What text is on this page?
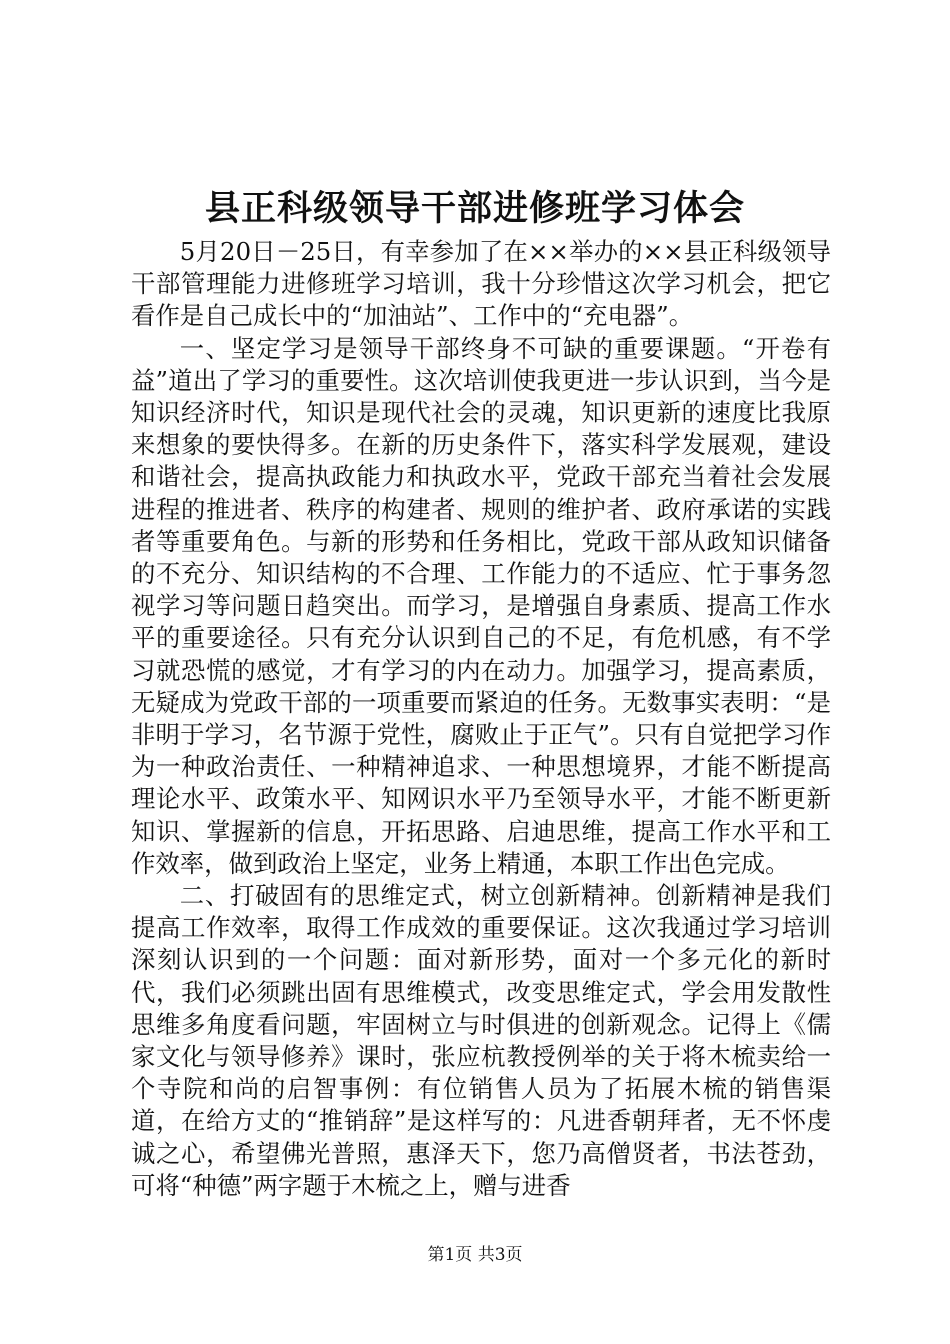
县正科级领导干部进修班学习体会

5月20日－25日，有幸参加了在××举办的××县正科级领导干部管理能力进修班学习培训，我十分珍惜这次学习机会，把它看作是自己成长中的“加油站”、工作中的“充电器”。

一、坚定学习是领导干部终身不可缺的重要课题。“开卷有益”道出了学习的重要性。这次培训使我更进一步认识到，当今是知识经济时代，知识是现代社会的灵魂，知识更新的速度比我原来想象的要快得多。在新的历史条件下，落实科学发展观，建设和谐社会，提高执政能力和执政水平，党政干部充当着社会发展进程的推进者、秩序的构建者、规则的维护者、政府承诺的实践者等重要角色。与新的形势和任务相比，党政干部从政知识储备的不充分、知识结构的不合理、工作能力的不适应、忙于事务忽视学习等问题日趋突出。而学习，是增强自身素质、提高工作水平的重要途径。只有充分认识到自己的不足，有危机感，有不学习就恐慌的感觉，才有学习的内在动力。加强学习，提高素质，无疑成为党政干部的一项重要而紧迫的任务。无数事实表明：“是非明于学习，名节源于党性，腐败止于正气”。只有自觉把学习作为一种政治责任、一种精神追求、一种思想境界，才能不断提高理论水平、政策水平、知网识水平乃至领导水平，才能不断更新知识、掌握新的信息，开拓思路、启迪思维，提高工作水平和工作效率，做到政治上坚定，业务上精通，本职工作出色完成。

二、打破固有的思维定式，树立创新精神。创新精神是我们提高工作效率，取得工作成效的重要保证。这次我通过学习培训深刻认识到的一个问题：面对新形势，面对一个多元化的新时代，我们必须跳出固有思维模式，改变思维定式，学会用发散性思维多角度看问题，牢固树立与时俱进的创新观念。记得上《儒家文化与领导修养》课时，张应杭教授例举的关于将木梳卖给一个寺院和尚的启智事例：有位销售人员为了拓展木梳的销售渠道，在给方丈的“推销辞”是这样写的：凡进香朝拜者，无不怀虔诚之心，希望佛光普照，惠泽天下，您乃高僧贤者，书法苍劲，可将“种德”两字题于木梳之上，赠与进香

第1页 共3页
